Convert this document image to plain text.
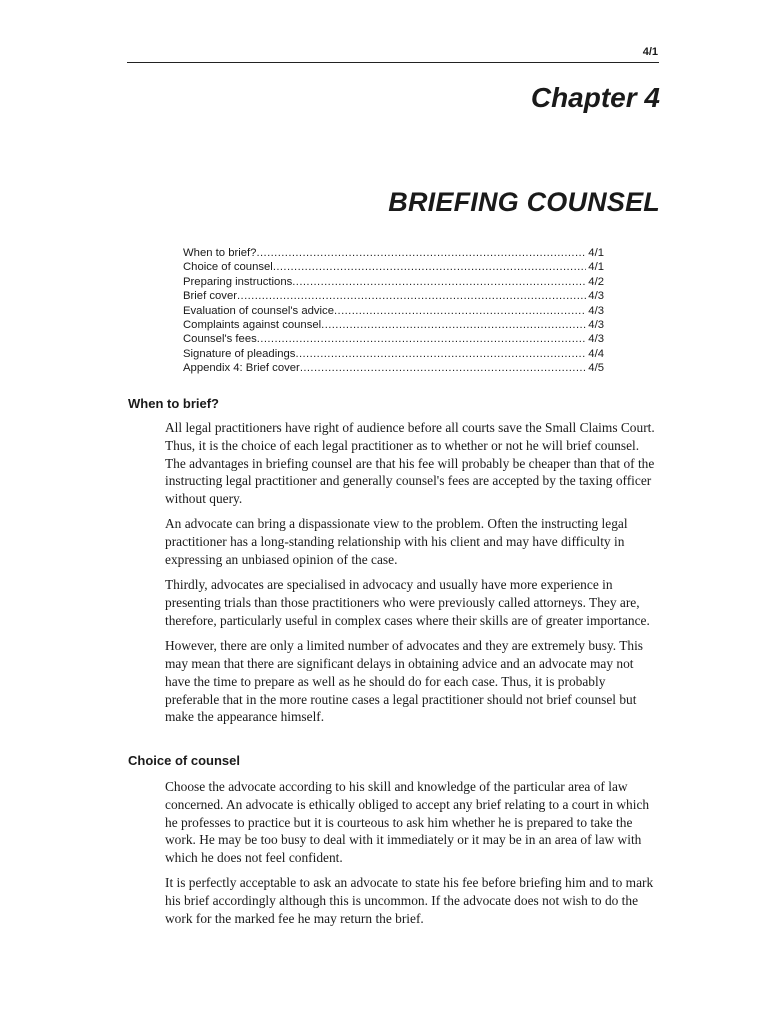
4/1
Chapter 4
BRIEFING COUNSEL
When to brief? .....	4/1
Choice of counsel .....	4/1
Preparing instructions .....	4/2
Brief cover .....	4/3
Evaluation of counsel's advice .....	4/3
Complaints against counsel .....	4/3
Counsel's fees .....	4/3
Signature of pleadings .....	4/4
Appendix 4: Brief cover .....	4/5
When to brief?

All legal practitioners have right of audience before all courts save the Small Claims Court. Thus, it is the choice of each legal practitioner as to whether or not he will brief counsel. The advantages in briefing counsel are that his fee will probably be cheaper than that of the instructing legal practitioner and generally counsel's fees are accepted by the taxing officer without query.

An advocate can bring a dispassionate view to the problem. Often the instructing legal practitioner has a long-standing relationship with his client and may have difficulty in expressing an unbiased opinion of the case.

Thirdly, advocates are specialised in advocacy and usually have more experience in presenting trials than those practitioners who were previously called attorneys. They are, therefore, particularly useful in complex cases where their skills are of greater importance.

However, there are only a limited number of advocates and they are extremely busy. This may mean that there are significant delays in obtaining advice and an advocate may not have the time to prepare as well as he should do for each case. Thus, it is probably preferable that in the more routine cases a legal practitioner should not brief counsel but make the appearance himself.

Choice of counsel

Choose the advocate according to his skill and knowledge of the particular area of law concerned. An advocate is ethically obliged to accept any brief relating to a court in which he professes to practice but it is courteous to ask him whether he is prepared to take the work. He may be too busy to deal with it immediately or it may be in an area of law with which he does not feel confident.

It is perfectly acceptable to ask an advocate to state his fee before briefing him and to mark his brief accordingly although this is uncommon. If the advocate does not wish to do the work for the marked fee he may return the brief.
